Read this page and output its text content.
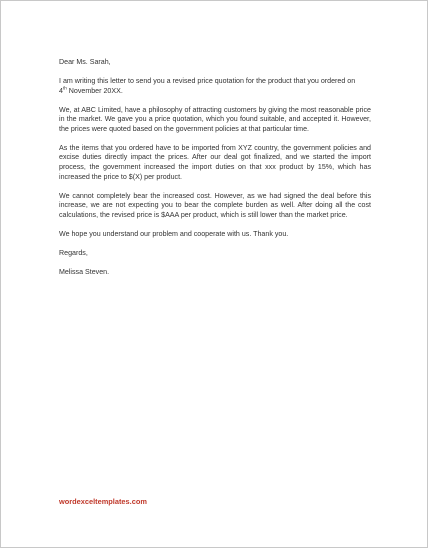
Dear Ms. Sarah,

I am writing this letter to send you a revised price quotation for the product that you ordered on
4th November 20XX.

We, at ABC Limited, have a philosophy of attracting customers by giving the most reasonable price in the market. We gave you a price quotation, which you found suitable, and accepted it. However, the prices were quoted based on the government policies at that particular time.

As the items that you ordered have to be imported from XYZ country, the government policies and excise duties directly impact the prices. After our deal got finalized, and we started the import process, the government increased the import duties on that xxx product by 15%, which has increased the price to $(X) per product.

We cannot completely bear the increased cost. However, as we had signed the deal before this increase, we are not expecting you to bear the complete burden as well. After doing all the cost calculations, the revised price is $AAA per product, which is still lower than the market price.

We hope you understand our problem and cooperate with us. Thank you.

Regards,

Melissa Steven.

wordexceltemplates.com
